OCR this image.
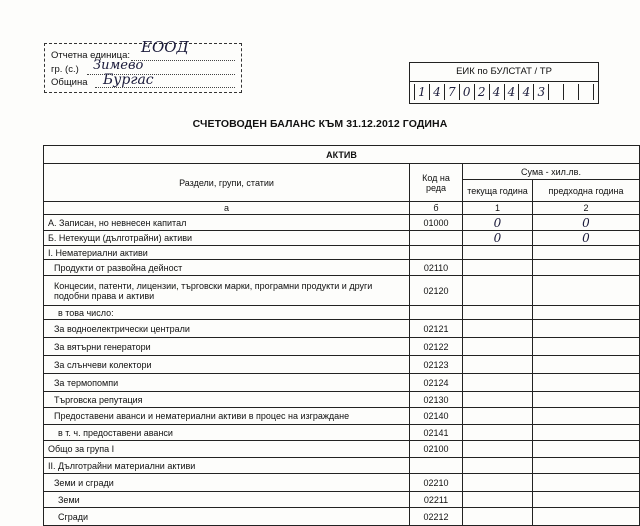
Отчетна единица:
гр. (с.)
Община
ЕООД
Зимево
Бургас
ЕИК по БУЛСТАТ / ТР
1 4 7 0 2 4 4 4 3
СЧЕТОВОДЕН БАЛАНС КЪМ 31.12.2012 ГОДИНА
АКТИВ			
Раздели, групи, статии	Код на реда	Сума - хил.лв.	
		текуща година	предходна година
а	б	1	2
А. Записан, но невнесен капитал	01000	0	0
Б. Нетекущи (дълготрайни) активи		0	0
I. Нематериални активи			
Продукти от развойна дейност	02110		
Концесии, патенти, лицензии, търговски марки, програмни продукти и други подобни права и активи	02120		
в това число:			
За водноелектрически централи	02121		
За вятърни генератори	02122		
За слънчеви колектори	02123		
За термопомпи	02124		
Търговска репутация	02130		
Предоставени аванси и нематериални активи в процес на изграждане	02140		
в т. ч. предоставени аванси	02141		
Общо за група I	02100		
II. Дълготрайни материални активи			
Земи и сгради	02210		
Земи	02211		
Сгради	02212		
